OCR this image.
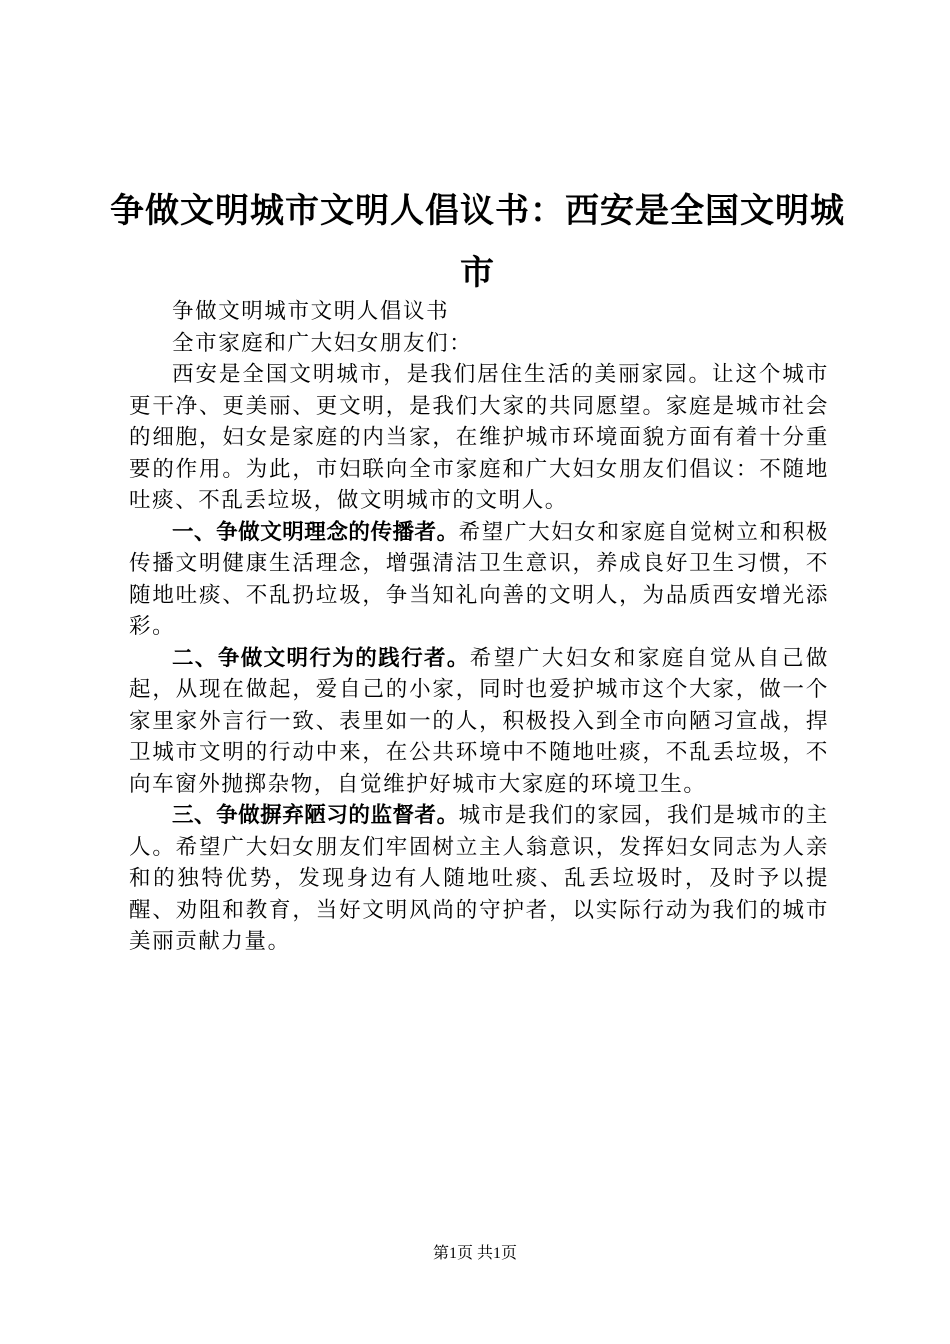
争做文明城市文明人倡议书：西安是全国文明城市

争做文明城市文明人倡议书

全市家庭和广大妇女朋友们：

西安是全国文明城市，是我们居住生活的美丽家园。让这个城市更干净、更美丽、更文明，是我们大家的共同愿望。家庭是城市社会的细胞，妇女是家庭的内当家，在维护城市环境面貌方面有着十分重要的作用。为此，市妇联向全市家庭和广大妇女朋友们倡议：不随地吐痰、不乱丢垃圾，做文明城市的文明人。

一、争做文明理念的传播者。希望广大妇女和家庭自觉树立和积极传播文明健康生活理念，增强清洁卫生意识，养成良好卫生习惯，不随地吐痰、不乱扔垃圾，争当知礼向善的文明人，为品质西安增光添彩。

二、争做文明行为的践行者。希望广大妇女和家庭自觉从自己做起，从现在做起，爱自己的小家，同时也爱护城市这个大家，做一个家里家外言行一致、表里如一的人，积极投入到全市向陋习宣战，捍卫城市文明的行动中来，在公共环境中不随地吐痰，不乱丢垃圾，不向车窗外抛掷杂物，自觉维护好城市大家庭的环境卫生。

三、争做摒弃陋习的监督者。城市是我们的家园，我们是城市的主人。希望广大妇女朋友们牢固树立主人翁意识，发挥妇女同志为人亲和的独特优势，发现身边有人随地吐痰、乱丢垃圾时，及时予以提醒、劝阻和教育，当好文明风尚的守护者，以实际行动为我们的城市美丽贡献力量。

第1页 共1页
